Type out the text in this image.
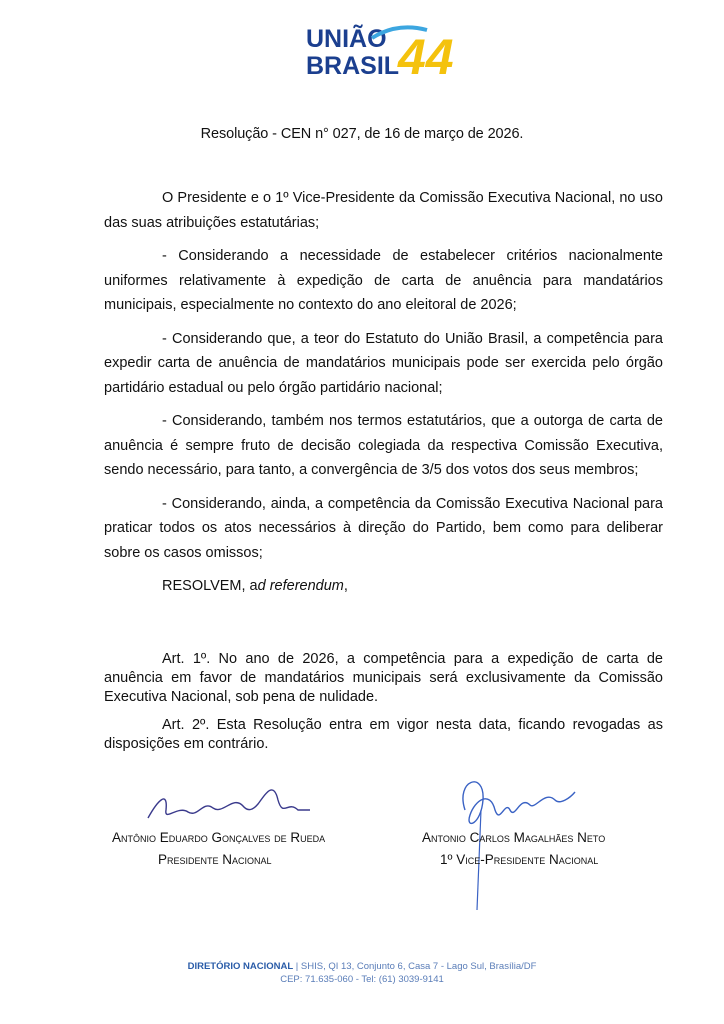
UNIÃO
BRASIL
44
Resolução - CEN n° 027, de 16 de março de 2026.

O Presidente e o 1º Vice-Presidente da Comissão Executiva Nacional, no uso das suas atribuições estatutárias;

- Considerando a necessidade de estabelecer critérios nacionalmente uniformes relativamente à expedição de carta de anuência para mandatários municipais, especialmente no contexto do ano eleitoral de 2026;

- Considerando que, a teor do Estatuto do União Brasil, a competência para expedir carta de anuência de mandatários municipais pode ser exercida pelo órgão partidário estadual ou pelo órgão partidário nacional;

- Considerando, também nos termos estatutários, que a outorga de carta de anuência é sempre fruto de decisão colegiada da respectiva Comissão Executiva, sendo necessário, para tanto, a convergência de 3/5 dos votos dos seus membros;

- Considerando, ainda, a competência da Comissão Executiva Nacional para praticar todos os atos necessários à direção do Partido, bem como para deliberar sobre os casos omissos;

RESOLVEM, ad referendum,

Art. 1º. No ano de 2026, a competência para a expedição de carta de anuência em favor de mandatários municipais será exclusivamente da Comissão Executiva Nacional, sob pena de nulidade.

Art. 2º. Esta Resolução entra em vigor nesta data, ficando revogadas as disposições em contrário.

Antônio Eduardo Gonçalves de Rueda
Presidente Nacional
Antonio Carlos Magalhães Neto
1º Vice-Presidente Nacional
DIRETÓRIO NACIONAL | SHIS, QI 13, Conjunto 6, Casa 7 - Lago Sul, Brasília/DF
CEP: 71.635-060 - Tel: (61) 3039-9141
